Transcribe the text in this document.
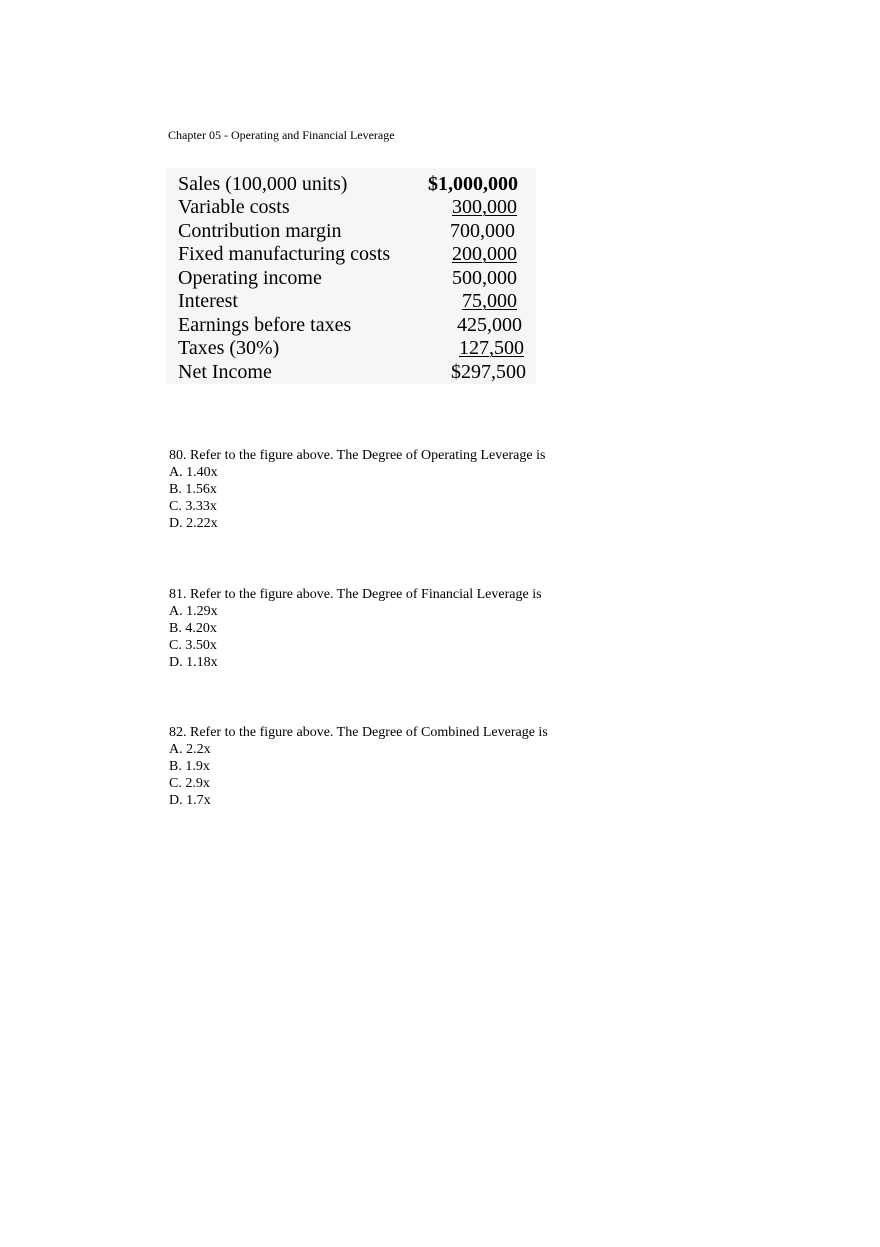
Chapter 05 - Operating and Financial Leverage
Sales (100,000 units)	$1,000,000
Variable costs	300,000
Contribution margin	700,000
Fixed manufacturing costs	200,000
Operating income	500,000
Interest	75,000
Earnings before taxes	425,000
Taxes (30%)	127,500
Net Income	$297,500
80. Refer to the figure above. The Degree of Operating Leverage is
A. 1.40x
B. 1.56x
C. 3.33x
D. 2.22x
81. Refer to the figure above. The Degree of Financial Leverage is
A. 1.29x
B. 4.20x
C. 3.50x
D. 1.18x
82. Refer to the figure above. The Degree of Combined Leverage is
A. 2.2x
B. 1.9x
C. 2.9x
D. 1.7x
